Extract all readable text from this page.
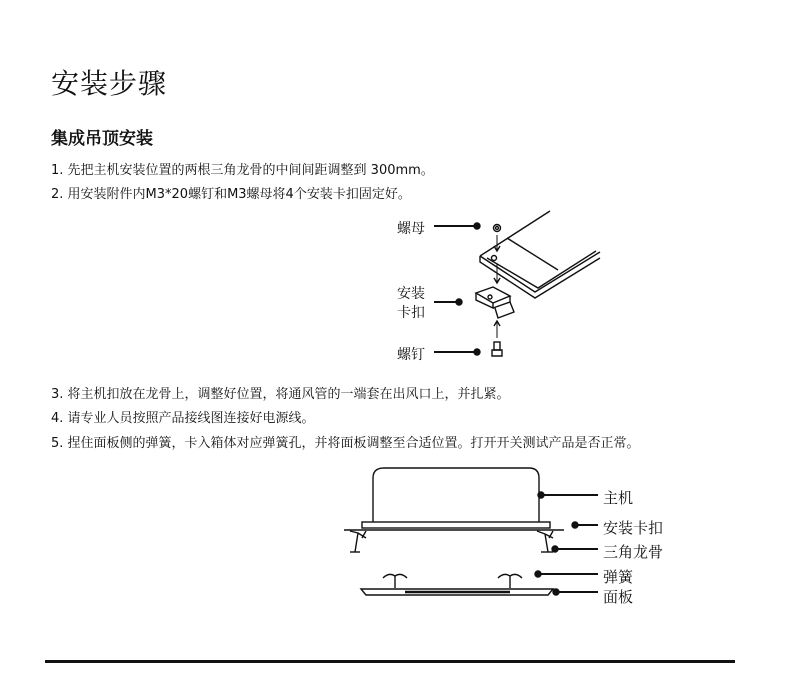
安装步骤
集成吊顶安装
1. 先把主机安装位置的两根三角龙骨的中间间距调整到 300mm。
2. 用安装附件内M3*20螺钉和M3螺母将4个安装卡扣固定好。
螺母
安装
卡扣
螺钉
3. 将主机扣放在龙骨上，调整好位置，将通风管的一端套在出风口上，并扎紧。
4. 请专业人员按照产品接线图连接好电源线。
5. 捏住面板侧的弹簧，卡入箱体对应弹簧孔，并将面板调整至合适位置。打开开关测试产品是否正常。
主机
安装卡扣
三角龙骨
弹簧
面板
